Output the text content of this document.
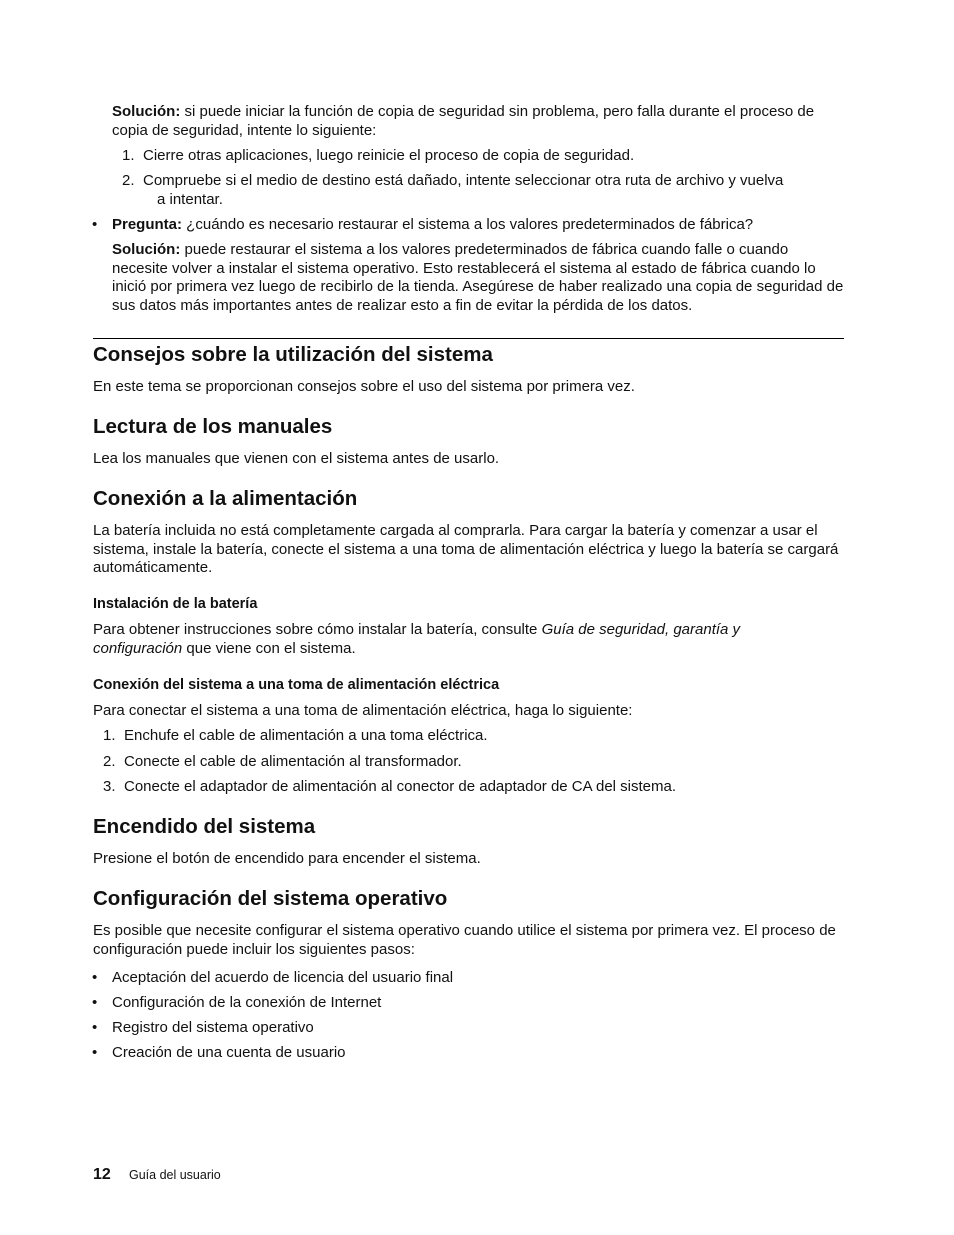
Solución: si puede iniciar la función de copia de seguridad sin problema, pero falla durante el proceso de copia de seguridad, intente lo siguiente:

1. Cierre otras aplicaciones, luego reinicie el proceso de copia de seguridad.
2. Compruebe si el medio de destino está dañado, intente seleccionar otra ruta de archivo y vuelva
a intentar.
• Pregunta: ¿cuándo es necesario restaurar el sistema a los valores predeterminados de fábrica?

Solución: puede restaurar el sistema a los valores predeterminados de fábrica cuando falle o cuando necesite volver a instalar el sistema operativo. Esto restablecerá el sistema al estado de fábrica cuando lo inició por primera vez luego de recibirlo de la tienda. Asegúrese de haber realizado una copia de seguridad de sus datos más importantes antes de realizar esto a fin de evitar la pérdida de los datos.

Consejos sobre la utilización del sistema

En este tema se proporcionan consejos sobre el uso del sistema por primera vez.

Lectura de los manuales

Lea los manuales que vienen con el sistema antes de usarlo.

Conexión a la alimentación

La batería incluida no está completamente cargada al comprarla. Para cargar la batería y comenzar a usar el sistema, instale la batería, conecte el sistema a una toma de alimentación eléctrica y luego la batería se cargará automáticamente.

Instalación de la batería

Para obtener instrucciones sobre cómo instalar la batería, consulte Guía de seguridad, garantía y configuración que viene con el sistema.

Conexión del sistema a una toma de alimentación eléctrica

Para conectar el sistema a una toma de alimentación eléctrica, haga lo siguiente:

1. Enchufe el cable de alimentación a una toma eléctrica.
2. Conecte el cable de alimentación al transformador.
3. Conecte el adaptador de alimentación al conector de adaptador de CA del sistema.
Encendido del sistema

Presione el botón de encendido para encender el sistema.

Configuración del sistema operativo

Es posible que necesite configurar el sistema operativo cuando utilice el sistema por primera vez. El proceso de configuración puede incluir los siguientes pasos:

• Aceptación del acuerdo de licencia del usuario final
• Configuración de la conexión de Internet
• Registro del sistema operativo
• Creación de una cuenta de usuario
12 Guía del usuario
